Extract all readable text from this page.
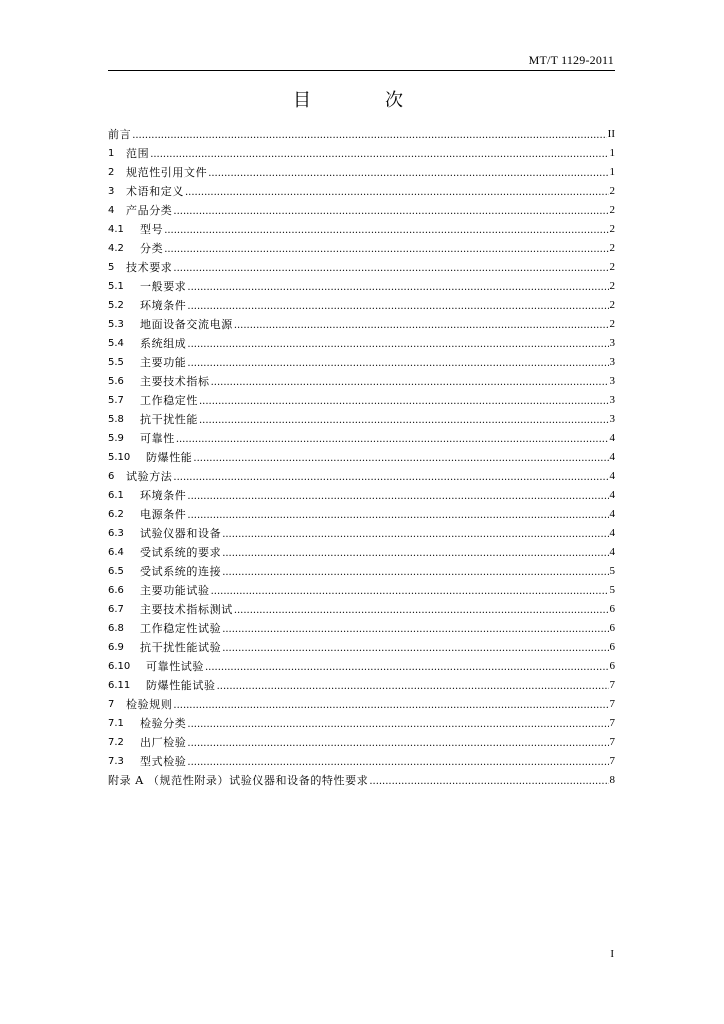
MT/T 1129-2011
目　次
前言 .....	II
1	范围 .....	1
2	规范性引用文件 .....	1
3	术语和定义 .....	2
4	产品分类 .....	2
4.1	型号 .....	2
4.2	分类 .....	2
5	技术要求 .....	2
5.1	一般要求 .....	2
5.2	环境条件 .....	2
5.3	地面设备交流电源 .....	2
5.4	系统组成 .....	3
5.5	主要功能 .....	3
5.6	主要技术指标 .....	3
5.7	工作稳定性 .....	3
5.8	抗干扰性能 .....	3
5.9	可靠性 .....	4
5.10	防爆性能 .....	4
6	试验方法 .....	4
6.1	环境条件 .....	4
6.2	电源条件 .....	4
6.3	试验仪器和设备 .....	4
6.4	受试系统的要求 .....	4
6.5	受试系统的连接 .....	5
6.6	主要功能试验 .....	5
6.7	主要技术指标测试 .....	6
6.8	工作稳定性试验 .....	6
6.9	抗干扰性能试验 .....	6
6.10	可靠性试验 .....	6
6.11	防爆性能试验 .....	7
7	检验规则 .....	7
7.1	检验分类 .....	7
7.2	出厂检验 .....	7
7.3	型式检验 .....	7
附录 A （规范性附录）试验仪器和设备的特性要求 .....	8
I
